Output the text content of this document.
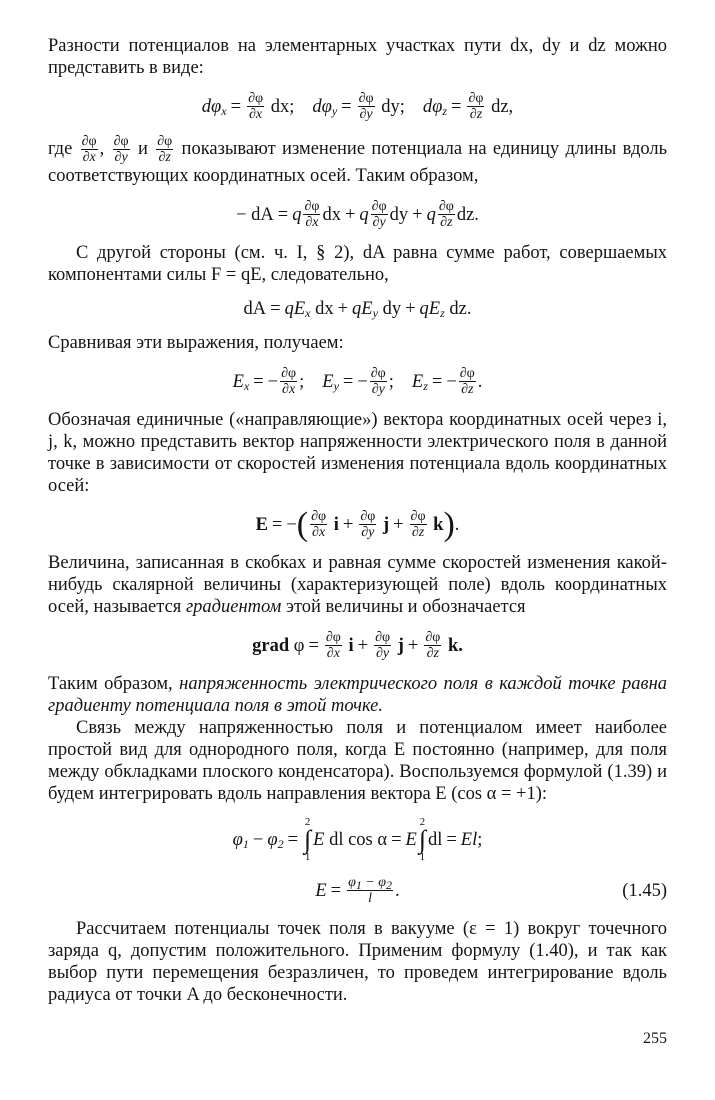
Разности потенциалов на элементарных участках пути dx, dy и dz можно представить в виде:

$d\varphi_x = \frac{\partial\varphi}{\partial x}$ dx; $d\varphi_y = \frac{\partial\varphi}{\partial y}$ dy; $d\varphi_z = \frac{\partial\varphi}{\partial z}$ dz,

где $\frac{\partial\varphi}{\partial x}$ , $\frac{\partial\varphi}{\partial y}$ и $\frac{\partial\varphi}{\partial z}$ показывают изменение потенциала на единицу длины вдоль соответствующих координатных осей. Таким образом,

− dA = q $\frac{\partial\varphi}{\partial x}$ dx + q $\frac{\partial\varphi}{\partial y}$ dy + q $\frac{\partial\varphi}{\partial z}$ dz.

С другой стороны (см. ч. I, § 2), dA равна сумме работ, совершаемых компонентами силы F = qE, следовательно,

dA = $qE_x$ dx + $qE_y$ dy + $qE_z$ dz.

Сравнивая эти выражения, получаем:

$E_x$ = − $\frac{\partial\varphi}{\partial x}$ ; $E_y$ = − $\frac{\partial\varphi}{\partial y}$ ; $E_z$ = − $\frac{\partial\varphi}{\partial z}$ .

Обозначая единичные («направляющие») вектора координатных осей через i, j, k, можно представить вектор напряженности электрического поля в данной точке в зависимости от скоростей изменения потенциала вдоль координатных осей:

E = − ( $\frac{\partial\varphi}{\partial x}$ $i + \frac{\partial\varphi}{\partial y}$ $j + \frac{\partial\varphi}{\partial z}$ k ) .

Величина, записанная в скобках и равная сумме скоростей изменения какой-нибудь скалярной величины (характеризующей поле) вдоль координатных осей, называется градиентом этой величины и обозначается

grad $\varphi = \frac{\partial\varphi}{\partial x}$ $i + \frac{\partial\varphi}{\partial y}$ $j + \frac{\partial\varphi}{\partial z} k$.

Таким образом, напряженность электрического поля в каждой точке равна градиенту потенциала поля в этой точке.

Связь между напряженностью поля и потенциалом имеет наиболее простой вид для однородного поля, когда E постоянно (например, для поля между обкладками плоского конденсатора). Воспользуемся формулой (1.39) и будем интегрировать вдоль направления вектора E (cos α = +1):

$\varphi_1 - \varphi_2$ =
2
∫
1
E dl cos α = E
2
∫
1
dl = El ;
$E = \frac{\varphi_1 - \varphi_2}{l}$ .	(1.45)

Рассчитаем потенциалы точек поля в вакууме (ε = 1) вокруг точечного заряда q, допустим положительного. Применим формулу (1.40), и так как выбор пути перемещения безразличен, то проведем интегрирование вдоль радиуса от точки A до бесконечности.

255
